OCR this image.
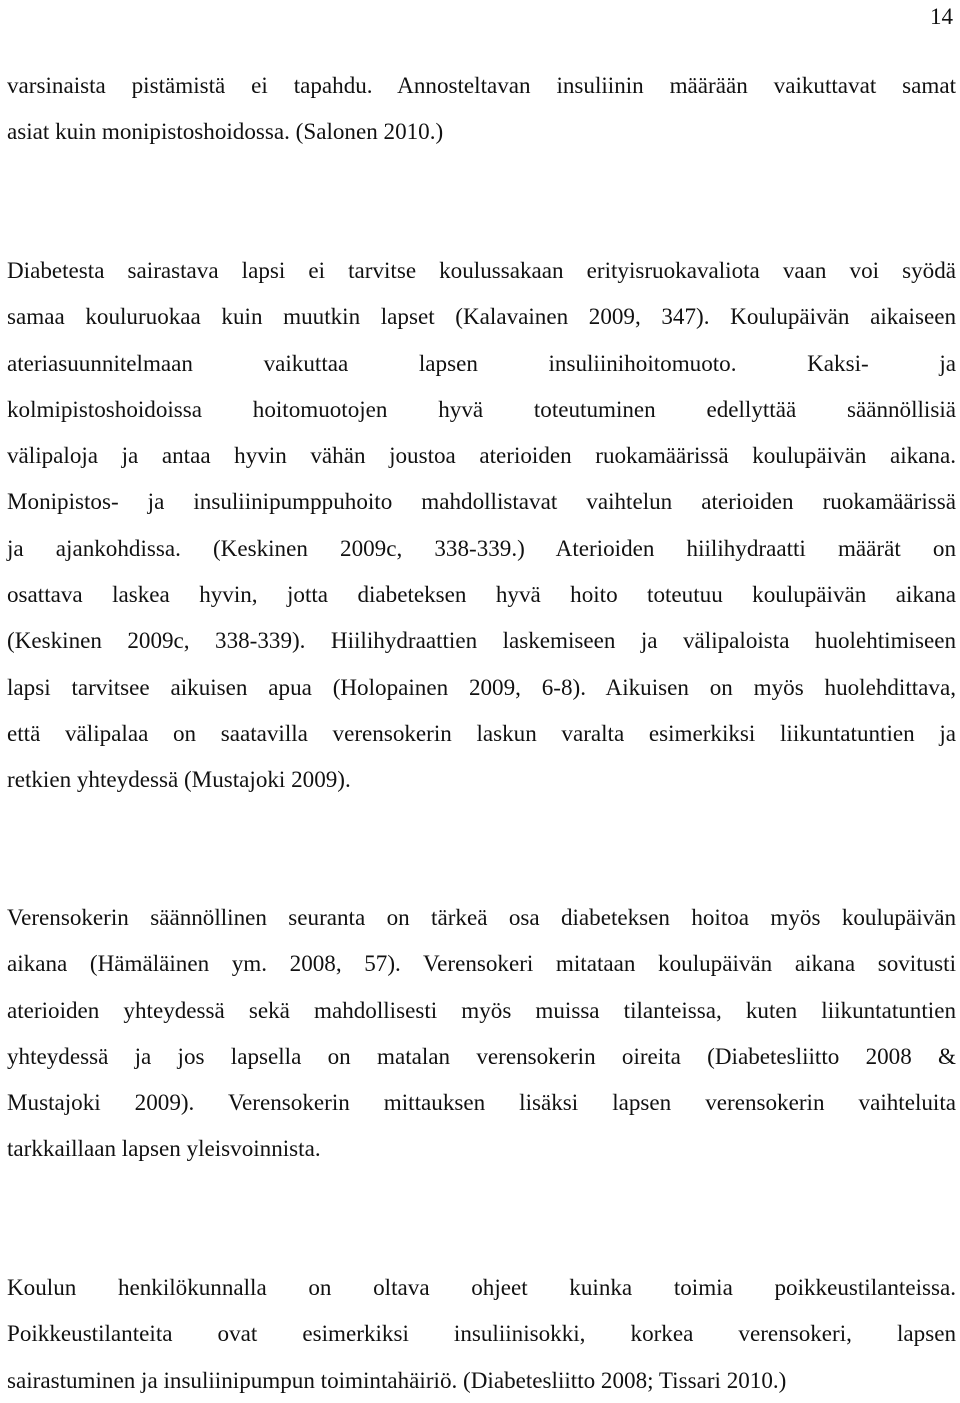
14
varsinaista pistämistä ei tapahdu. Annosteltavan insuliinin määrään vaikuttavat samat
asiat kuin monipistoshoidossa. (Salonen 2010.)
Diabetesta sairastava lapsi ei tarvitse koulussakaan erityisruokavaliota vaan voi syödä
samaa kouluruokaa kuin muutkin lapset (Kalavainen 2009, 347). Koulupäivän aikaiseen
ateriasuunnitelmaan vaikuttaa lapsen insuliinihoitomuoto. Kaksi- ja
kolmipistoshoidoissa hoitomuotojen hyvä toteutuminen edellyttää säännöllisiä
välipaloja ja antaa hyvin vähän joustoa aterioiden ruokamäärissä koulupäivän aikana.
Monipistos- ja insuliinipumppuhoito mahdollistavat vaihtelun aterioiden ruokamäärissä
ja ajankohdissa. (Keskinen 2009c, 338-339.) Aterioiden hiilihydraatti määrät on
osattava laskea hyvin, jotta diabeteksen hyvä hoito toteutuu koulupäivän aikana
(Keskinen 2009c, 338-339). Hiilihydraattien laskemiseen ja välipaloista huolehtimiseen
lapsi tarvitsee aikuisen apua (Holopainen 2009, 6-8). Aikuisen on myös huolehdittava,
että välipalaa on saatavilla verensokerin laskun varalta esimerkiksi liikuntatuntien ja
retkien yhteydessä (Mustajoki 2009).
Verensokerin säännöllinen seuranta on tärkeä osa diabeteksen hoitoa myös koulupäivän
aikana (Hämäläinen ym. 2008, 57). Verensokeri mitataan koulupäivän aikana sovitusti
aterioiden yhteydessä sekä mahdollisesti myös muissa tilanteissa, kuten liikuntatuntien
yhteydessä ja jos lapsella on matalan verensokerin oireita (Diabetesliitto 2008 &
Mustajoki 2009). Verensokerin mittauksen lisäksi lapsen verensokerin vaihteluita
tarkkaillaan lapsen yleisvoinnista.
Koulun henkilökunnalla on oltava ohjeet kuinka toimia poikkeustilanteissa.
Poikkeustilanteita ovat esimerkiksi insuliinisokki, korkea verensokeri, lapsen
sairastuminen ja insuliinipumpun toimintahäiriö. (Diabetesliitto 2008; Tissari 2010.)
